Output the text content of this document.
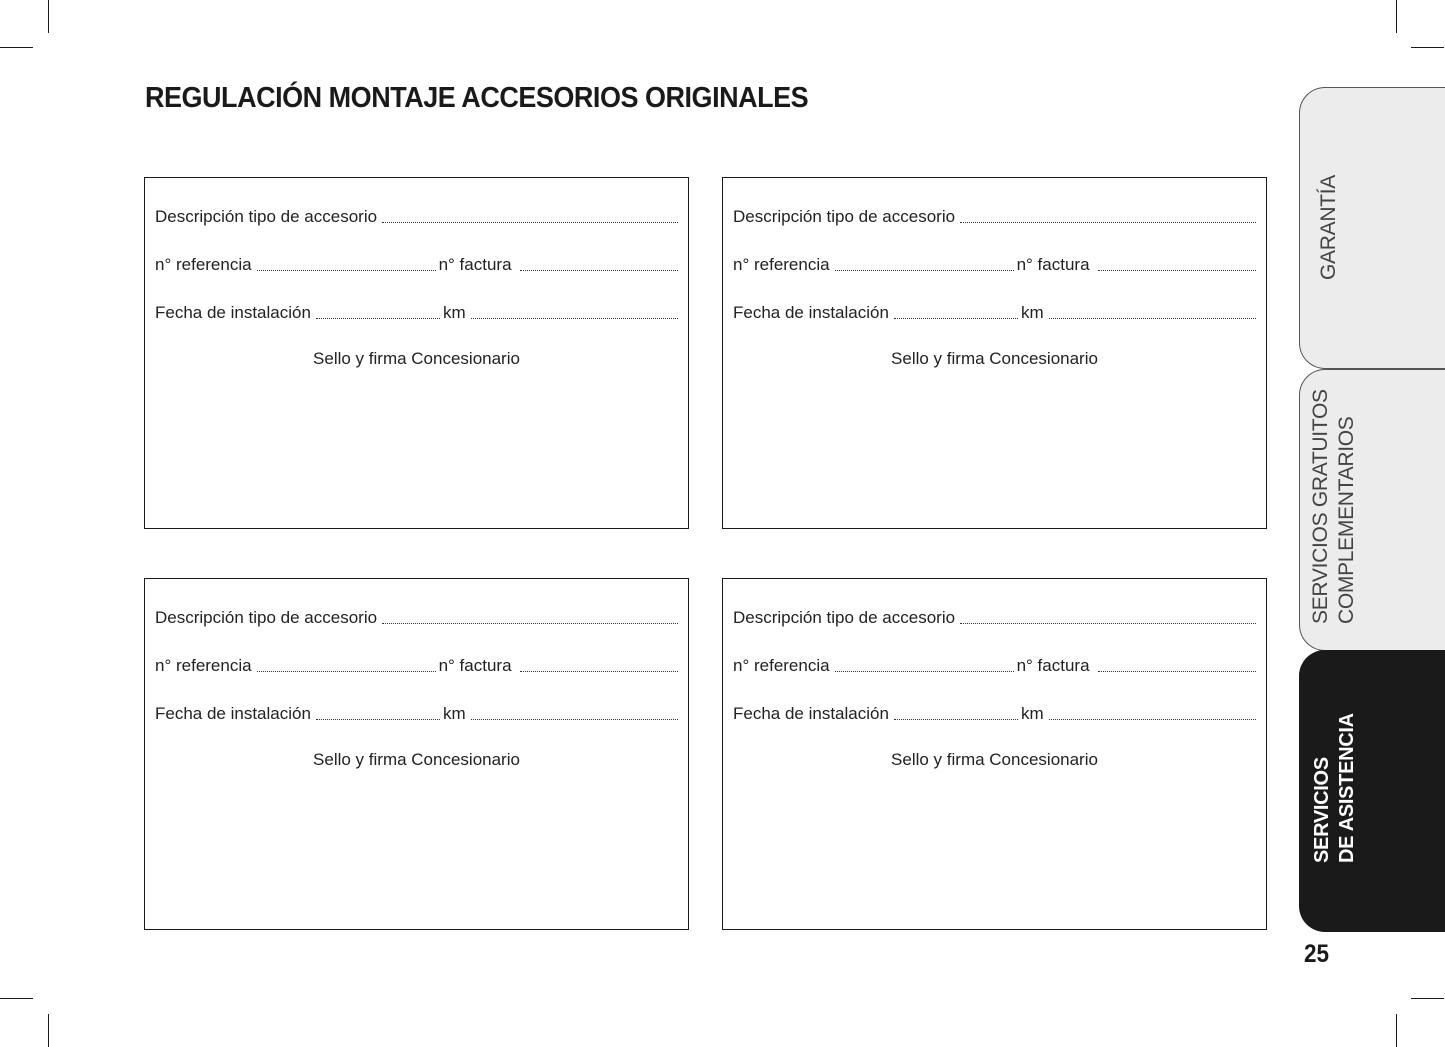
REGULACIÓN MONTAJE ACCESORIOS ORIGINALES
Descripción tipo de accesorio
n° referencia	n° factura
Fecha de instalación	km
Sello y firma Concesionario
Descripción tipo de accesorio
n° referencia	n° factura
Fecha de instalación	km
Sello y firma Concesionario
Descripción tipo de accesorio
n° referencia	n° factura
Fecha de instalación	km
Sello y firma Concesionario
Descripción tipo de accesorio
n° referencia	n° factura
Fecha de instalación	km
Sello y firma Concesionario
GARANTÍA
SERVICIOS GRATUITOS COMPLEMENTARIOS
SERVICIOS DE ASISTENCIA
25
